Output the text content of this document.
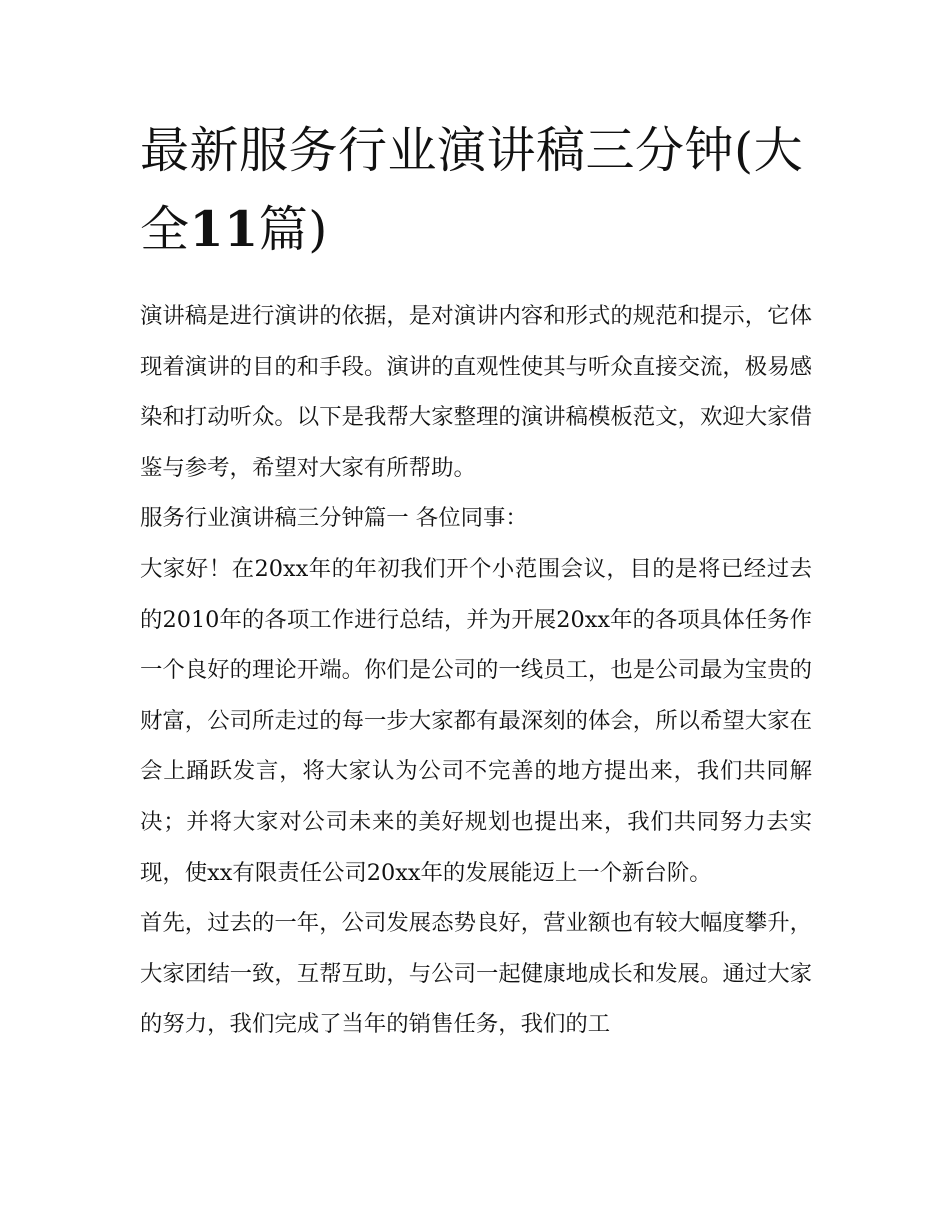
最新服务行业演讲稿三分钟(大全11篇)

演讲稿是进行演讲的依据，是对演讲内容和形式的规范和提示，它体现着演讲的目的和手段。演讲的直观性使其与听众直接交流，极易感染和打动听众。以下是我帮大家整理的演讲稿模板范文，欢迎大家借鉴与参考，希望对大家有所帮助。

服务行业演讲稿三分钟篇一 各位同事：

大家好！在20xx年的年初我们开个小范围会议，目的是将已经过去的2010年的各项工作进行总结，并为开展20xx年的各项具体任务作一个良好的理论开端。你们是公司的一线员工，也是公司最为宝贵的财富，公司所走过的每一步大家都有最深刻的体会，所以希望大家在会上踊跃发言，将大家认为公司不完善的地方提出来，我们共同解决；并将大家对公司未来的美好规划也提出来，我们共同努力去实现，使xx有限责任公司20xx年的发展能迈上一个新台阶。

首先，过去的一年，公司发展态势良好，营业额也有较大幅度攀升，大家团结一致，互帮互助，与公司一起健康地成长和发展。通过大家的努力，我们完成了当年的销售任务，我们的工
